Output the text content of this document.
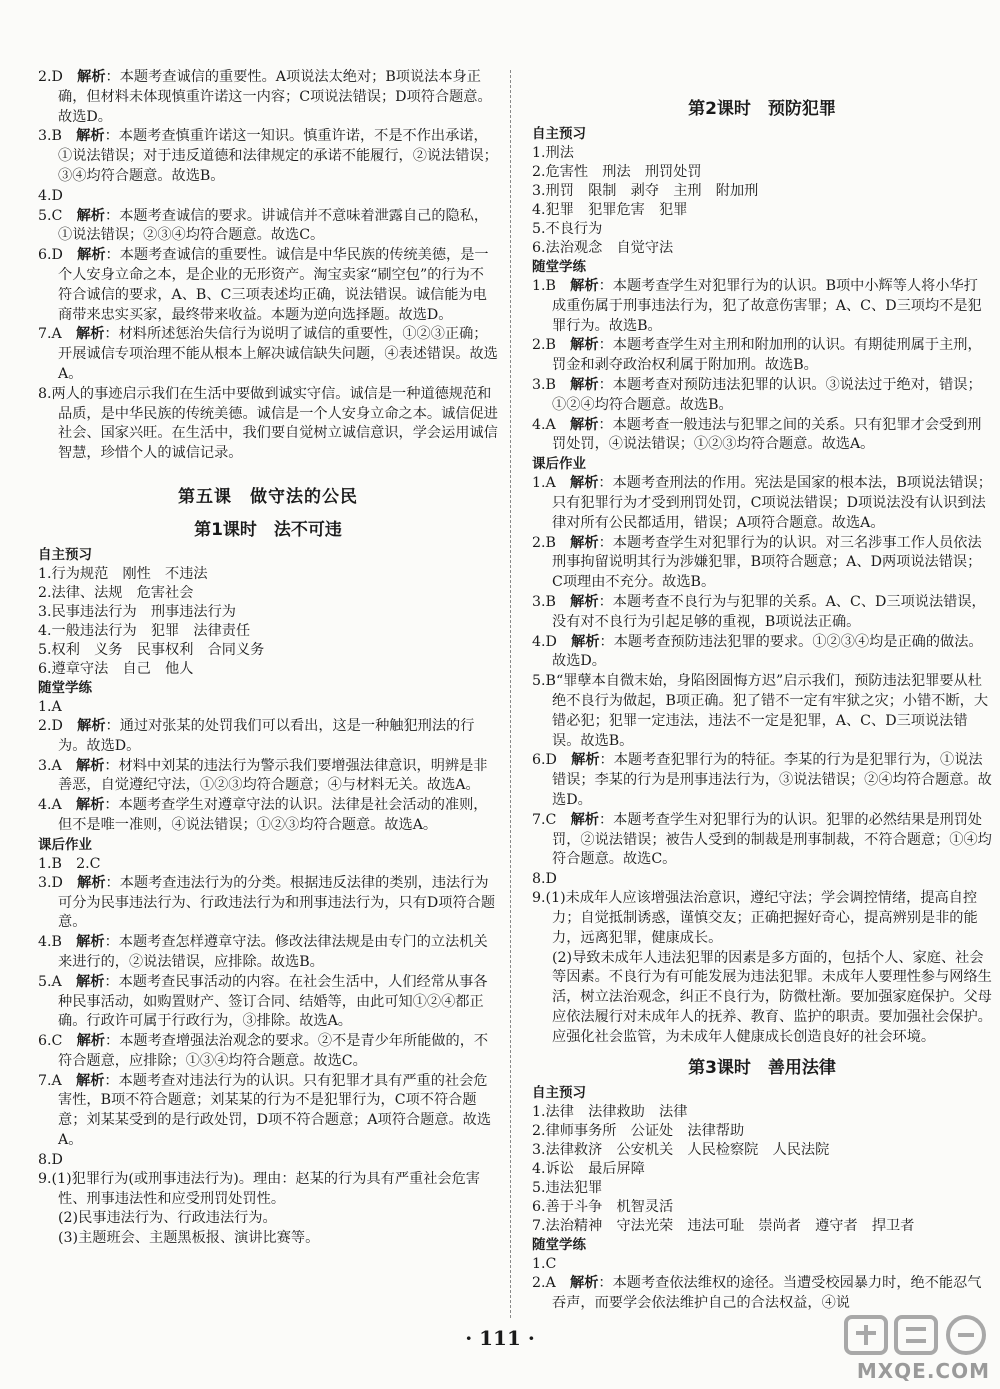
2.D　 解析：本题考查诚信的重要性。A项说法太绝对；B项说法本身正确，但材料未体现慎重许诺这一内容；C项说法错误；D项符合题意。故选D。

3.B　 解析：本题考查慎重许诺这一知识。慎重许诺，不是不作出承诺，①说法错误；对于违反道德和法律规定的承诺不能履行，②说法错误；③④均符合题意。故选B。

4.D

5.C　 解析：本题考查诚信的要求。讲诚信并不意味着泄露自己的隐私，①说法错误；②③④均符合题意。故选C。

6.D　 解析：本题考查诚信的重要性。诚信是中华民族的传统美德，是一个人安身立命之本，是企业的无形资产。淘宝卖家“刷空包”的行为不符合诚信的要求，A、B、C三项表述均正确，说法错误。诚信能为电商带来忠实买家，最终带来收益。本题为逆向选择题。故选D。

7.A　 解析：材料所述惩治失信行为说明了诚信的重要性，①②③正确；开展诚信专项治理不能从根本上解决诚信缺失问题，④表述错误。故选A。

8.两人的事迹启示我们在生活中要做到诚实守信。诚信是一种道德规范和品质，是中华民族的传统美德。诚信是一个人安身立命之本。诚信促进社会、国家兴旺。在生活中，我们要自觉树立诚信意识，学会运用诚信智慧，珍惜个人的诚信记录。

第五课　做守法的公民
第1课时　法不可违

自主预习

1.行为规范　刚性　不违法

2.法律、法规　危害社会

3.民事违法行为　刑事违法行为

4.一般违法行为　犯罪　法律责任

5.权利　义务　民事权利　合同义务

6.遵章守法　自己　他人

随堂学练

1.A

2.D　 解析：通过对张某的处罚我们可以看出，这是一种触犯刑法的行为。故选D。

3.A　 解析：材料中刘某的违法行为警示我们要增强法律意识，明辨是非善恶，自觉遵纪守法，①②③均符合题意；④与材料无关。故选A。

4.A　 解析：本题考查学生对遵章守法的认识。法律是社会活动的准则，但不是唯一准则，④说法错误；①②③均符合题意。故选A。

课后作业

1.B　2.C

3.D　 解析：本题考查违法行为的分类。根据违反法律的类别，违法行为可分为民事违法行为、行政违法行为和刑事违法行为，只有D项符合题意。

4.B　 解析：本题考查怎样遵章守法。修改法律法规是由专门的立法机关来进行的，②说法错误，应排除。故选B。

5.A　 解析：本题考查民事活动的内容。在社会生活中，人们经常从事各种民事活动，如购置财产、签订合同、结婚等，由此可知①②④都正确。行政许可属于行政行为，③排除。故选A。

6.C　 解析：本题考查增强法治观念的要求。②不是青少年所能做的，不符合题意，应排除；①③④均符合题意。故选C。

7.A　 解析：本题考查对违法行为的认识。只有犯罪才具有严重的社会危害性，B项不符合题意；刘某某的行为不是犯罪行为，C项不符合题意；刘某某受到的是行政处罚，D项不符合题意；A项符合题意。故选A。

8.D

9.(1)犯罪行为(或刑事违法行为)。理由：赵某的行为具有严重社会危害性、刑事违法性和应受刑罚处罚性。

(2)民事违法行为、行政违法行为。

(3)主题班会、主题黑板报、演讲比赛等。

第2课时　预防犯罪

自主预习

1.刑法

2.危害性　刑法　刑罚处罚

3.刑罚　限制　剥夺　主刑　附加刑

4.犯罪　犯罪危害　犯罪

5.不良行为

6.法治观念　自觉守法

随堂学练

1.B　 解析：本题考查学生对犯罪行为的认识。B项中小辉等人将小华打成重伤属于刑事违法行为，犯了故意伤害罪；A、C、D三项均不是犯罪行为。故选B。

2.B　 解析：本题考查学生对主刑和附加刑的认识。有期徒刑属于主刑，罚金和剥夺政治权利属于附加刑。故选B。

3.B　 解析：本题考查对预防违法犯罪的认识。③说法过于绝对，错误；①②④均符合题意。故选B。

4.A　 解析：本题考查一般违法与犯罪之间的关系。只有犯罪才会受到刑罚处罚，④说法错误；①②③均符合题意。故选A。

课后作业

1.A　 解析：本题考查刑法的作用。宪法是国家的根本法，B项说法错误；只有犯罪行为才受到刑罚处罚，C项说法错误；D项说法没有认识到法律对所有公民都适用，错误；A项符合题意。故选A。

2.B　 解析：本题考查学生对犯罪行为的认识。对三名涉事工作人员依法刑事拘留说明其行为涉嫌犯罪，B项符合题意；A、D两项说法错误；C项理由不充分。故选B。

3.B　 解析：本题考查不良行为与犯罪的关系。A、C、D三项说法错误，没有对不良行为引起足够的重视，B项说法正确。

4.D　 解析：本题考查预防违法犯罪的要求。①②③④均是正确的做法。故选D。

5.B“罪孽本自微末始，身陷囹圄悔方迟”启示我们，预防违法犯罪要从杜绝不良行为做起，B项正确。犯了错不一定有牢狱之灾；小错不断，大错必犯；犯罪一定违法，违法不一定是犯罪，A、C、D三项说法错误。故选B。

6.D　 解析：本题考查犯罪行为的特征。李某的行为是犯罪行为，①说法错误；李某的行为是刑事违法行为，③说法错误；②④均符合题意。故选D。

7.C　 解析：本题考查学生对犯罪行为的认识。犯罪的必然结果是刑罚处罚，②说法错误；被告人受到的制裁是刑事制裁，不符合题意；①④均符合题意。故选C。

8.D

9.(1)未成年人应该增强法治意识，遵纪守法；学会调控情绪，提高自控力；自觉抵制诱惑，谨慎交友；正确把握好奇心，提高辨别是非的能力，远离犯罪，健康成长。

(2)导致未成年人违法犯罪的因素是多方面的，包括个人、家庭、社会等因素。不良行为有可能发展为违法犯罪。未成年人要理性参与网络生活，树立法治观念，纠正不良行为，防微杜渐。要加强家庭保护。父母应依法履行对未成年人的抚养、教育、监护的职责。要加强社会保护。应强化社会监管，为未成年人健康成长创造良好的社会环境。

第3课时　善用法律

自主预习

1.法律　法律救助　法律

2.律师事务所　公证处　法律帮助

3.法律救济　公安机关　人民检察院　人民法院

4.诉讼　最后屏障

5.违法犯罪

6.善于斗争　机智灵活

7.法治精神　守法光荣　违法可耻　崇尚者　遵守者　捍卫者

随堂学练

1.C

2.A　 解析：本题考查依法维权的途径。当遭受校园暴力时，绝不能忍气吞声，而要学会依法维护自己的合法权益，④说

· 111 ·
MXQE.COM
